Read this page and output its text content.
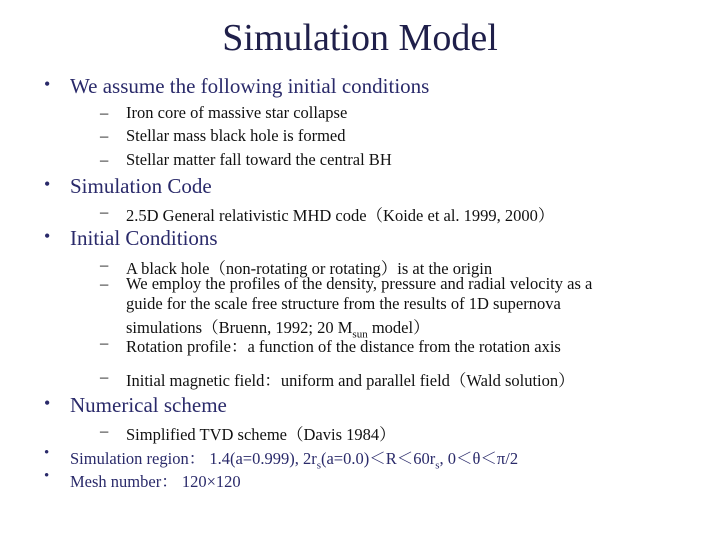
Simulation Model
• We assume the following initial conditions
– Iron core of massive star collapse
– Stellar mass black hole is formed
– Stellar matter fall toward the central BH
• Simulation Code
– 2.5D General relativistic MHD code（Koide et al. 1999, 2000）
• Initial Conditions
– A black hole（non-rotating or rotating）is at the origin
– We employ the profiles of the density, pressure and radial velocity as a
guide for the scale free structure from the results of 1D supernova
simulations（Bruenn, 1992; 20 $M_{sun}$ model）
– Rotation profile：a function of the distance from the rotation axis
– Initial magnetic field：uniform and parallel field（Wald solution）
• Numerical scheme
– Simplified TVD scheme（Davis 1984）
• Simulation region： 1.4(a=0.999), $2r_s(a=0.0)<R<60r_s$, 0＜θ＜π/2
• Mesh number： 120×120
